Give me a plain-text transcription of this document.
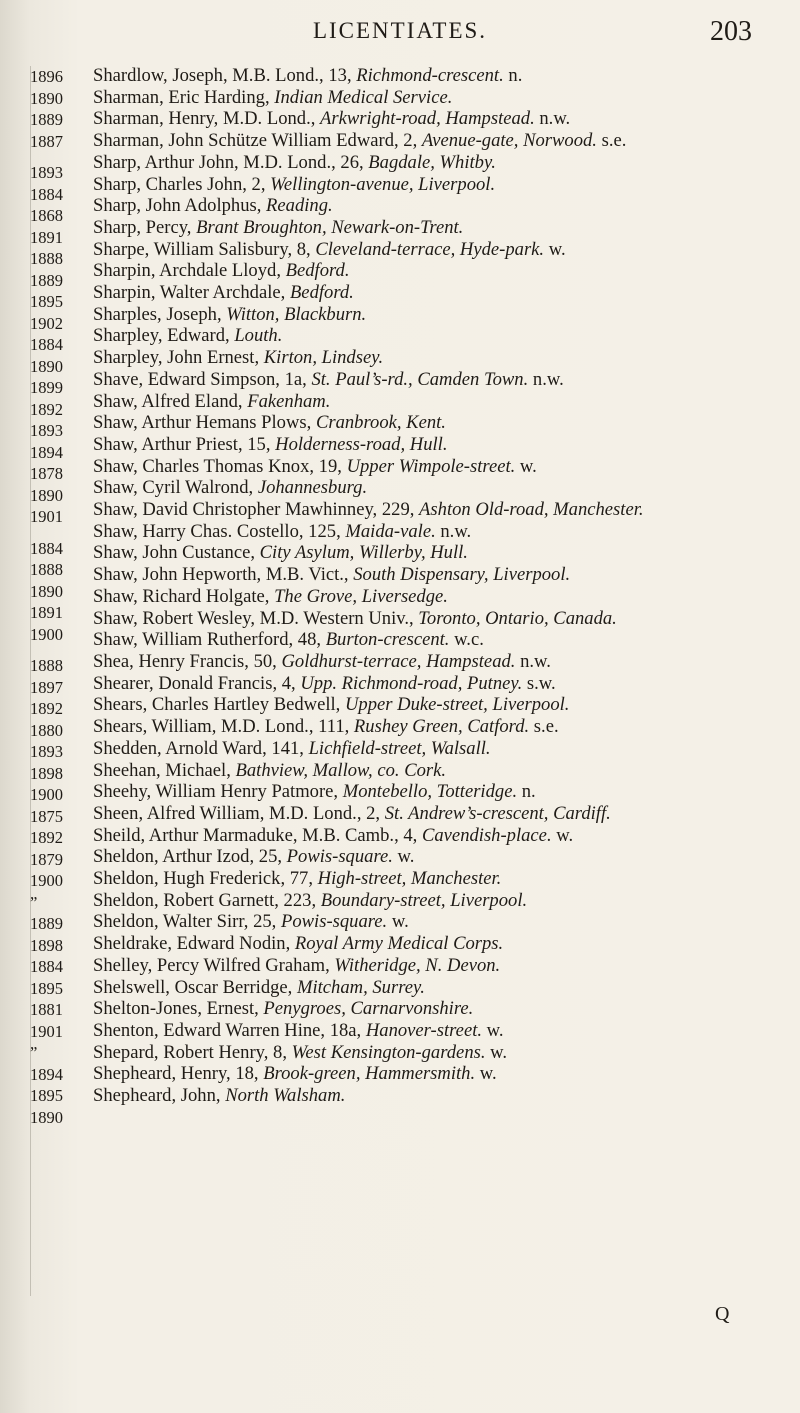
LICENTIATES.	203
1896
1890
1889
1887
1893
1884
1868
1891
1888
1889
1895
1902
1884
1890
1899
1892
1893
1894
1878
1890
1901
1884
1888
1890
1891
1900
1888
1897
1892
1880
1893
1898
1900
1875
1892
1879
1900
”
1889
1898
1884
1895
1881
1901
”
1894
1895
1890

Shardlow, Joseph, M.B. Lond., 13, Richmond-crescent. n.

Sharman, Eric Harding, Indian Medical Service.

Sharman, Henry, M.D. Lond., Arkwright-road, Hampstead. n.w.

Sharman, John Schütze William Edward, 2, Avenue-gate, Norwood. s.e.

Sharp, Arthur John, M.D. Lond., 26, Bagdale, Whitby.

Sharp, Charles John, 2, Wellington-avenue, Liverpool.

Sharp, John Adolphus, Reading.

Sharp, Percy, Brant Broughton, Newark-on-Trent.

Sharpe, William Salisbury, 8, Cleveland-terrace, Hyde-park. w.

Sharpin, Archdale Lloyd, Bedford.

Sharpin, Walter Archdale, Bedford.

Sharples, Joseph, Witton, Blackburn.

Sharpley, Edward, Louth.

Sharpley, John Ernest, Kirton, Lindsey.

Shave, Edward Simpson, 1a, St. Paul’s-rd., Camden Town. n.w.

Shaw, Alfred Eland, Fakenham.

Shaw, Arthur Hemans Plows, Cranbrook, Kent.

Shaw, Arthur Priest, 15, Holderness-road, Hull.

Shaw, Charles Thomas Knox, 19, Upper Wimpole-street. w.

Shaw, Cyril Walrond, Johannesburg.

Shaw, David Christopher Mawhinney, 229, Ashton Old-road, Manchester.

Shaw, Harry Chas. Costello, 125, Maida-vale. n.w.

Shaw, John Custance, City Asylum, Willerby, Hull.

Shaw, John Hepworth, M.B. Vict., South Dispensary, Liverpool.

Shaw, Richard Holgate, The Grove, Liversedge.

Shaw, Robert Wesley, M.D. Western Univ., Toronto, Ontario, Canada.

Shaw, William Rutherford, 48, Burton-crescent. w.c.

Shea, Henry Francis, 50, Goldhurst-terrace, Hampstead. n.w.

Shearer, Donald Francis, 4, Upp. Richmond-road, Putney. s.w.

Shears, Charles Hartley Bedwell, Upper Duke-street, Liverpool.

Shears, William, M.D. Lond., 111, Rushey Green, Catford. s.e.

Shedden, Arnold Ward, 141, Lichfield-street, Walsall.

Sheehan, Michael, Bathview, Mallow, co. Cork.

Sheehy, William Henry Patmore, Montebello, Totteridge. n.

Sheen, Alfred William, M.D. Lond., 2, St. Andrew’s-crescent, Cardiff.

Sheild, Arthur Marmaduke, M.B. Camb., 4, Cavendish-place. w.

Sheldon, Arthur Izod, 25, Powis-square. w.

Sheldon, Hugh Frederick, 77, High-street, Manchester.

Sheldon, Robert Garnett, 223, Boundary-street, Liverpool.

Sheldon, Walter Sirr, 25, Powis-square. w.

Sheldrake, Edward Nodin, Royal Army Medical Corps.

Shelley, Percy Wilfred Graham, Witheridge, N. Devon.

Shelswell, Oscar Berridge, Mitcham, Surrey.

Shelton-Jones, Ernest, Penygroes, Carnarvonshire.

Shenton, Edward Warren Hine, 18a, Hanover-street. w.

Shepard, Robert Henry, 8, West Kensington-gardens. w.

Shepheard, Henry, 18, Brook-green, Hammersmith. w.

Shepheard, John, North Walsham.

Q
